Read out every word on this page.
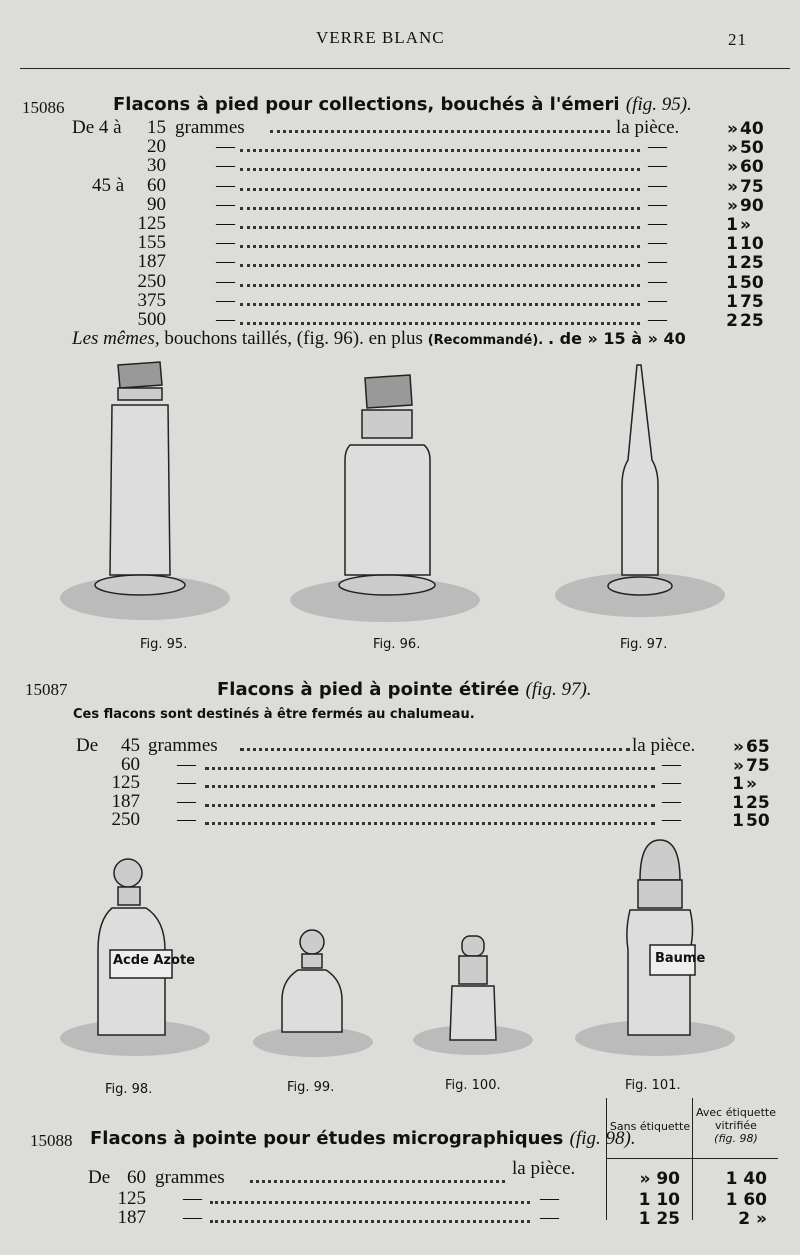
VERRE BLANC	21
15086	Flacons à pied pour collections, bouchés à l'émeri (fig. 95).
De 4 à	15 grammes	la pièce.	» 40
20	—	—	» 50
30	—	—	» 60
45 à	60	—	—	» 75
90	—	—	» 90
125	—	—	1 »
155	—	—	1 10
187	—	—	1 25
250	—	—	1 50
375	—	—	1 75
500	—	—	2 25
Les mêmes, bouchons taillés, (fig. 96). en plus (Recommandé). . de » 15 à » 40
Fig. 95.	Fig. 96.	Fig. 97.
15087	Flacons à pied à pointe étirée (fig. 97).
Ces flacons sont destinés à être fermés au chalumeau.
De	45 grammes	la pièce.	» 65
60 —	—	» 75
125 —	—	1 »
187 —	—	1 25
250 —	—	1 50
Acde Azote	Baume
Fig. 98.	Fig. 99.	Fig. 100.	Fig. 101.
Sans étiquette
Avec étiquette vitrifiée
(fig. 98)
15088 Flacons à pointe pour études micrographiques (fig. 98).
De 60 grammes	la pièce.	» 90	1 40
125 —	—	1 10	1 60
187 —	—	1 25	2 »
